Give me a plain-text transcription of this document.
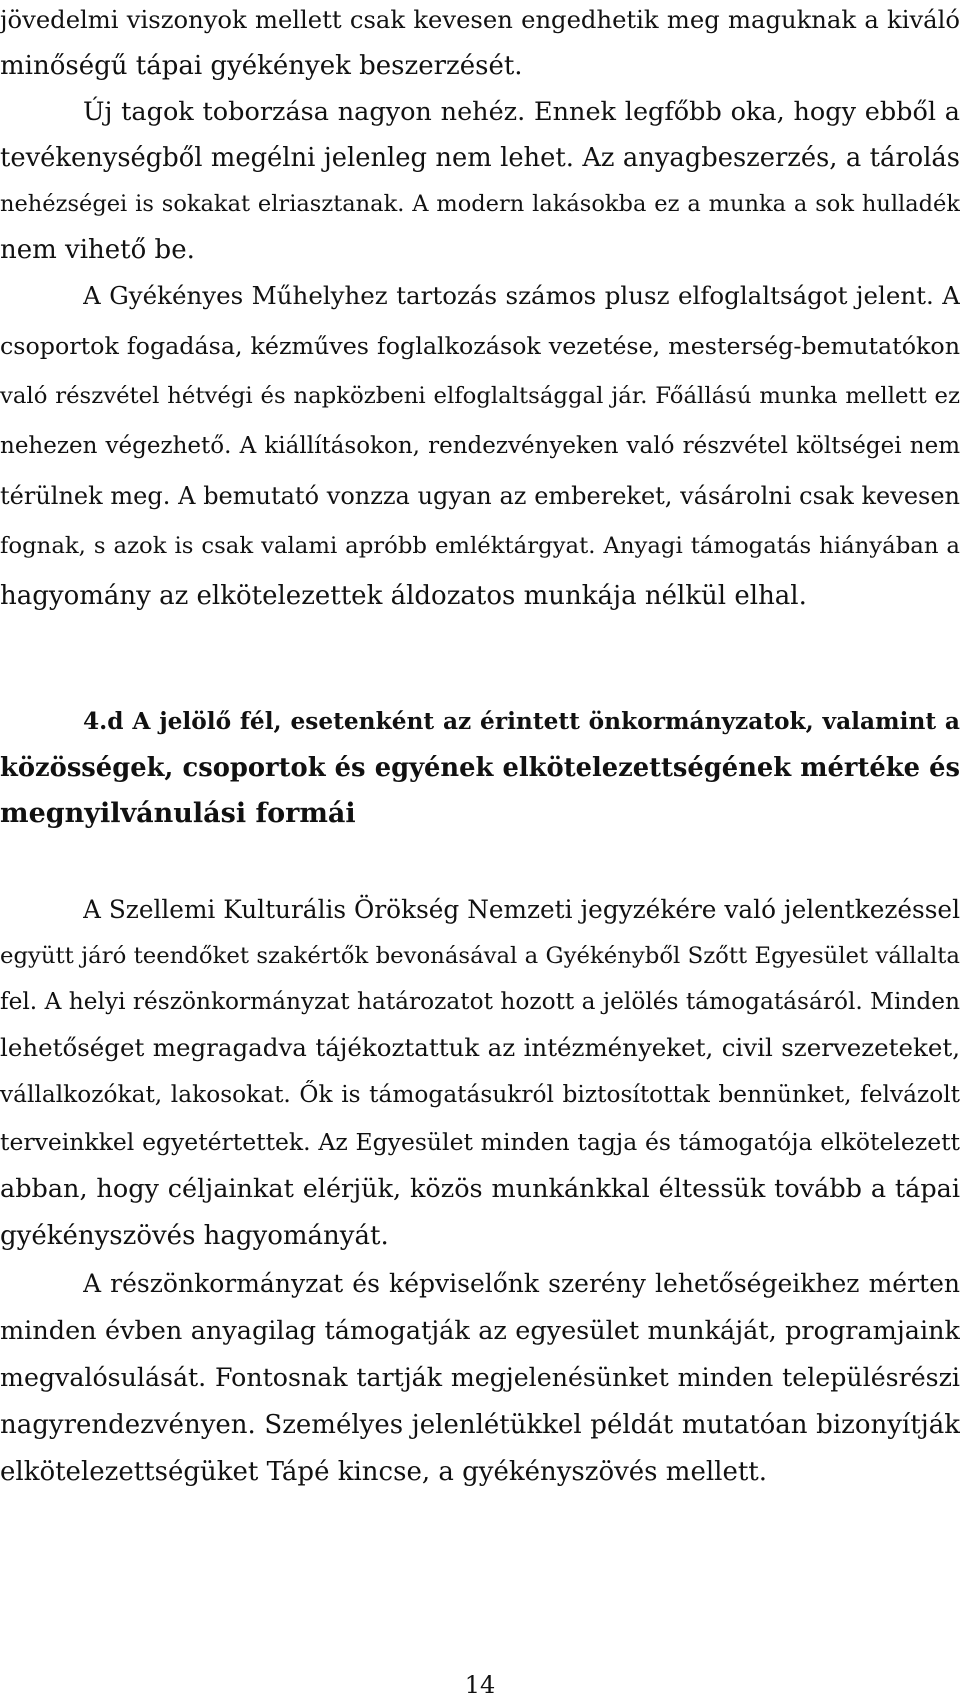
jövedelmi viszonyok mellett csak kevesen engedhetik meg maguknak a kiváló
minőségű tápai gyékények beszerzését.
Új tagok toborzása nagyon nehéz. Ennek legfőbb oka, hogy ebből a
tevékenységből megélni jelenleg nem lehet. Az anyagbeszerzés, a tárolás
nehézségei is sokakat elriasztanak. A modern lakásokba ez a munka a sok hulladék
nem vihető be.
A Gyékényes Műhelyhez tartozás számos plusz elfoglaltságot jelent. A
csoportok fogadása, kézműves foglalkozások vezetése, mesterség-bemutatókon
való részvétel hétvégi és napközbeni elfoglaltsággal jár. Főállású munka mellett ez
nehezen végezhető. A kiállításokon, rendezvényeken való részvétel költségei nem
térülnek meg. A bemutató vonzza ugyan az embereket, vásárolni csak kevesen
fognak, s azok is csak valami apróbb emléktárgyat. Anyagi támogatás hiányában a
hagyomány az elkötelezettek áldozatos munkája nélkül elhal.
4.d A jelölő fél, esetenként az érintett önkormányzatok, valamint a
közösségek, csoportok és egyének elkötelezettségének mértéke és
megnyilvánulási formái
A Szellemi Kulturális Örökség Nemzeti jegyzékére való jelentkezéssel
együtt járó teendőket szakértők bevonásával a Gyékényből Szőtt Egyesület vállalta
fel. A helyi részönkormányzat határozatot hozott a jelölés támogatásáról. Minden
lehetőséget megragadva tájékoztattuk az intézményeket, civil szervezeteket,
vállalkozókat, lakosokat. Ők is támogatásukról biztosítottak bennünket, felvázolt
terveinkkel egyetértettek. Az Egyesület minden tagja és támogatója elkötelezett
abban, hogy céljainkat elérjük, közös munkánkkal éltessük tovább a tápai
gyékényszövés hagyományát.
A részönkormányzat és képviselőnk szerény lehetőségeikhez mérten
minden évben anyagilag támogatják az egyesület munkáját, programjaink
megvalósulását. Fontosnak tartják megjelenésünket minden településrészi
nagyrendezvényen. Személyes jelenlétükkel példát mutatóan bizonyítják
elkötelezettségüket Tápé kincse, a gyékényszövés mellett.
14
